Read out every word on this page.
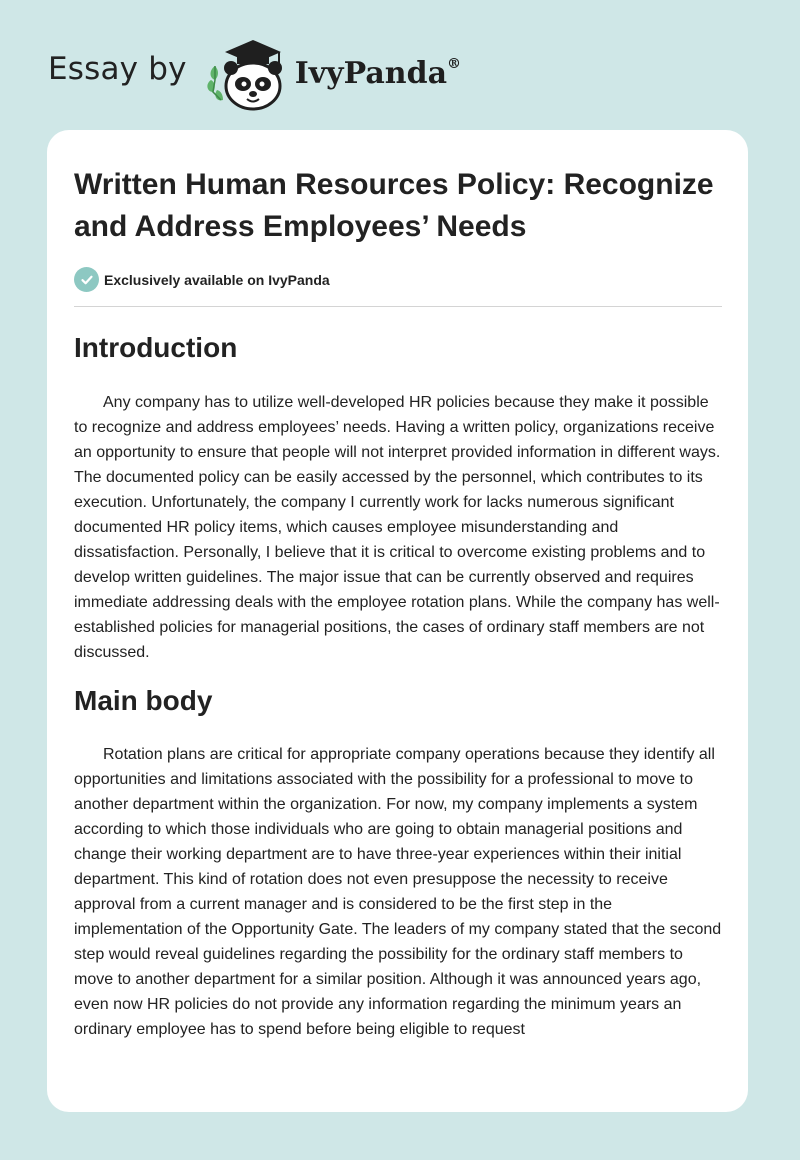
Essay by	IvyPanda®
Written Human Resources Policy: Recognize and Address Employees’ Needs
Exclusively available on IvyPanda
Introduction

Any company has to utilize well-developed HR policies because they make it possible to recognize and address employees’ needs. Having a written policy, organizations receive an opportunity to ensure that people will not interpret provided information in different ways. The documented policy can be easily accessed by the personnel, which contributes to its execution. Unfortunately, the company I currently work for lacks numerous significant documented HR policy items, which causes employee misunderstanding and dissatisfaction. Personally, I believe that it is critical to overcome existing problems and to develop written guidelines. The major issue that can be currently observed and requires immediate addressing deals with the employee rotation plans. While the company has well-established policies for managerial positions, the cases of ordinary staff members are not discussed.

Main body

Rotation plans are critical for appropriate company operations because they identify all opportunities and limitations associated with the possibility for a professional to move to another department within the organization. For now, my company implements a system according to which those individuals who are going to obtain managerial positions and change their working department are to have three-year experiences within their initial department. This kind of rotation does not even presuppose the necessity to receive approval from a current manager and is considered to be the first step in the implementation of the Opportunity Gate. The leaders of my company stated that the second step would reveal guidelines regarding the possibility for the ordinary staff members to move to another department for a similar position. Although it was announced years ago, even now HR policies do not provide any information regarding the minimum years an ordinary employee has to spend before being eligible to request
